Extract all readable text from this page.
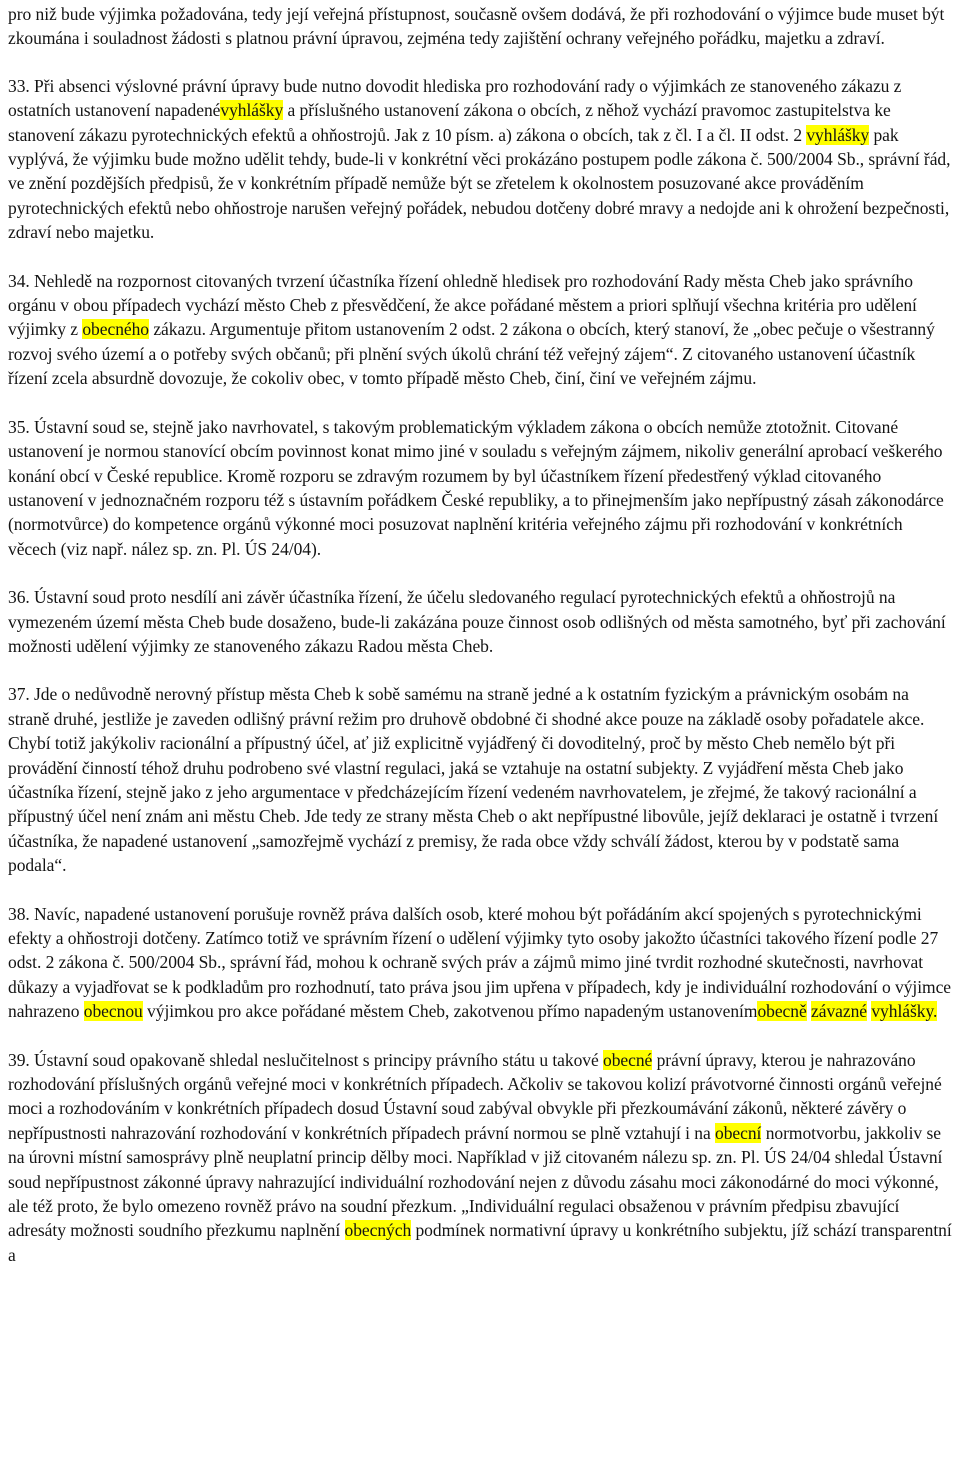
pro niž bude výjimka požadována, tedy její veřejná přístupnost, současně ovšem dodává, že při rozhodování o výjimce bude muset být zkoumána i souladnost žádosti s platnou právní úpravou, zejména tedy zajištění ochrany veřejného pořádku, majetku a zdraví.

33. Při absenci výslovné právní úpravy bude nutno dovodit hlediska pro rozhodování rady o výjimkách ze stanoveného zákazu z ostatních ustanovení napadenévyhlášky a příslušného ustanovení zákona o obcích, z něhož vychází pravomoc zastupitelstva ke stanovení zákazu pyrotechnických efektů a ohňostrojů. Jak z 10 písm. a) zákona o obcích, tak z čl. I a čl. II odst. 2 vyhlášky pak vyplývá, že výjimku bude možno udělit tehdy, bude-li v konkrétní věci prokázáno postupem podle zákona č. 500/2004 Sb., správní řád, ve znění pozdějších předpisů, že v konkrétním případě nemůže být se zřetelem k okolnostem posuzované akce prováděním pyrotechnických efektů nebo ohňostroje narušen veřejný pořádek, nebudou dotčeny dobré mravy a nedojde ani k ohrožení bezpečnosti, zdraví nebo majetku.

34. Nehledě na rozpornost citovaných tvrzení účastníka řízení ohledně hledisek pro rozhodování Rady města Cheb jako správního orgánu v obou případech vychází město Cheb z přesvědčení, že akce pořádané městem a priori splňují všechna kritéria pro udělení výjimky z obecného zákazu. Argumentuje přitom ustanovením 2 odst. 2 zákona o obcích, který stanoví, že „obec pečuje o všestranný rozvoj svého území a o potřeby svých občanů; při plnění svých úkolů chrání též veřejný zájem“. Z citovaného ustanovení účastník řízení zcela absurdně dovozuje, že cokoliv obec, v tomto případě město Cheb, činí, činí ve veřejném zájmu.

35. Ústavní soud se, stejně jako navrhovatel, s takovým problematickým výkladem zákona o obcích nemůže ztotožnit. Citované ustanovení je normou stanovící obcím povinnost konat mimo jiné v souladu s veřejným zájmem, nikoliv generální aprobací veškerého konání obcí v České republice. Kromě rozporu se zdravým rozumem by byl účastníkem řízení předestřený výklad citovaného ustanovení v jednoznačném rozporu též s ústavním pořádkem České republiky, a to přinejmenším jako nepřípustný zásah zákonodárce (normotvůrce) do kompetence orgánů výkonné moci posuzovat naplnění kritéria veřejného zájmu při rozhodování v konkrétních věcech (viz např. nález sp. zn. Pl. ÚS 24/04).

36. Ústavní soud proto nesdílí ani závěr účastníka řízení, že účelu sledovaného regulací pyrotechnických efektů a ohňostrojů na vymezeném území města Cheb bude dosaženo, bude-li zakázána pouze činnost osob odlišných od města samotného, byť při zachování možnosti udělení výjimky ze stanoveného zákazu Radou města Cheb.

37. Jde o nedůvodně nerovný přístup města Cheb k sobě samému na straně jedné a k ostatním fyzickým a právnickým osobám na straně druhé, jestliže je zaveden odlišný právní režim pro druhově obdobné či shodné akce pouze na základě osoby pořadatele akce. Chybí totiž jakýkoliv racionální a přípustný účel, ať již explicitně vyjádřený či dovoditelný, proč by město Cheb nemělo být při provádění činností téhož druhu podrobeno své vlastní regulaci, jaká se vztahuje na ostatní subjekty. Z vyjádření města Cheb jako účastníka řízení, stejně jako z jeho argumentace v předcházejícím řízení vedeném navrhovatelem, je zřejmé, že takový racionální a přípustný účel není znám ani městu Cheb. Jde tedy ze strany města Cheb o akt nepřípustné libovůle, jejíž deklaraci je ostatně i tvrzení účastníka, že napadené ustanovení „samozřejmě vychází z premisy, že rada obce vždy schválí žádost, kterou by v podstatě sama podala“.

38. Navíc, napadené ustanovení porušuje rovněž práva dalších osob, které mohou být pořádáním akcí spojených s pyrotechnickými efekty a ohňostroji dotčeny. Zatímco totiž ve správním řízení o udělení výjimky tyto osoby jakožto účastníci takového řízení podle 27 odst. 2 zákona č. 500/2004 Sb., správní řád, mohou k ochraně svých práv a zájmů mimo jiné tvrdit rozhodné skutečnosti, navrhovat důkazy a vyjadřovat se k podkladům pro rozhodnutí, tato práva jsou jim upřena v případech, kdy je individuální rozhodování o výjimce nahrazeno obecnou výjimkou pro akce pořádané městem Cheb, zakotvenou přímo napadeným ustanovenímobecně závazné vyhlášky.

39. Ústavní soud opakovaně shledal neslučitelnost s principy právního státu u takové obecné právní úpravy, kterou je nahrazováno rozhodování příslušných orgánů veřejné moci v konkrétních případech. Ačkoliv se takovou kolizí právotvorné činnosti orgánů veřejné moci a rozhodováním v konkrétních případech dosud Ústavní soud zabýval obvykle při přezkoumávání zákonů, některé závěry o nepřípustnosti nahrazování rozhodování v konkrétních případech právní normou se plně vztahují i na obecní normotvorbu, jakkoliv se na úrovni místní samosprávy plně neuplatní princip dělby moci. Například v již citovaném nálezu sp. zn. Pl. ÚS 24/04 shledal Ústavní soud nepřípustnost zákonné úpravy nahrazující individuální rozhodování nejen z důvodu zásahu moci zákonodárné do moci výkonné, ale též proto, že bylo omezeno rovněž právo na soudní přezkum. „Individuální regulaci obsaženou v právním předpisu zbavující adresáty možnosti soudního přezkumu naplnění obecných podmínek normativní úpravy u konkrétního subjektu, jíž schází transparentní a
